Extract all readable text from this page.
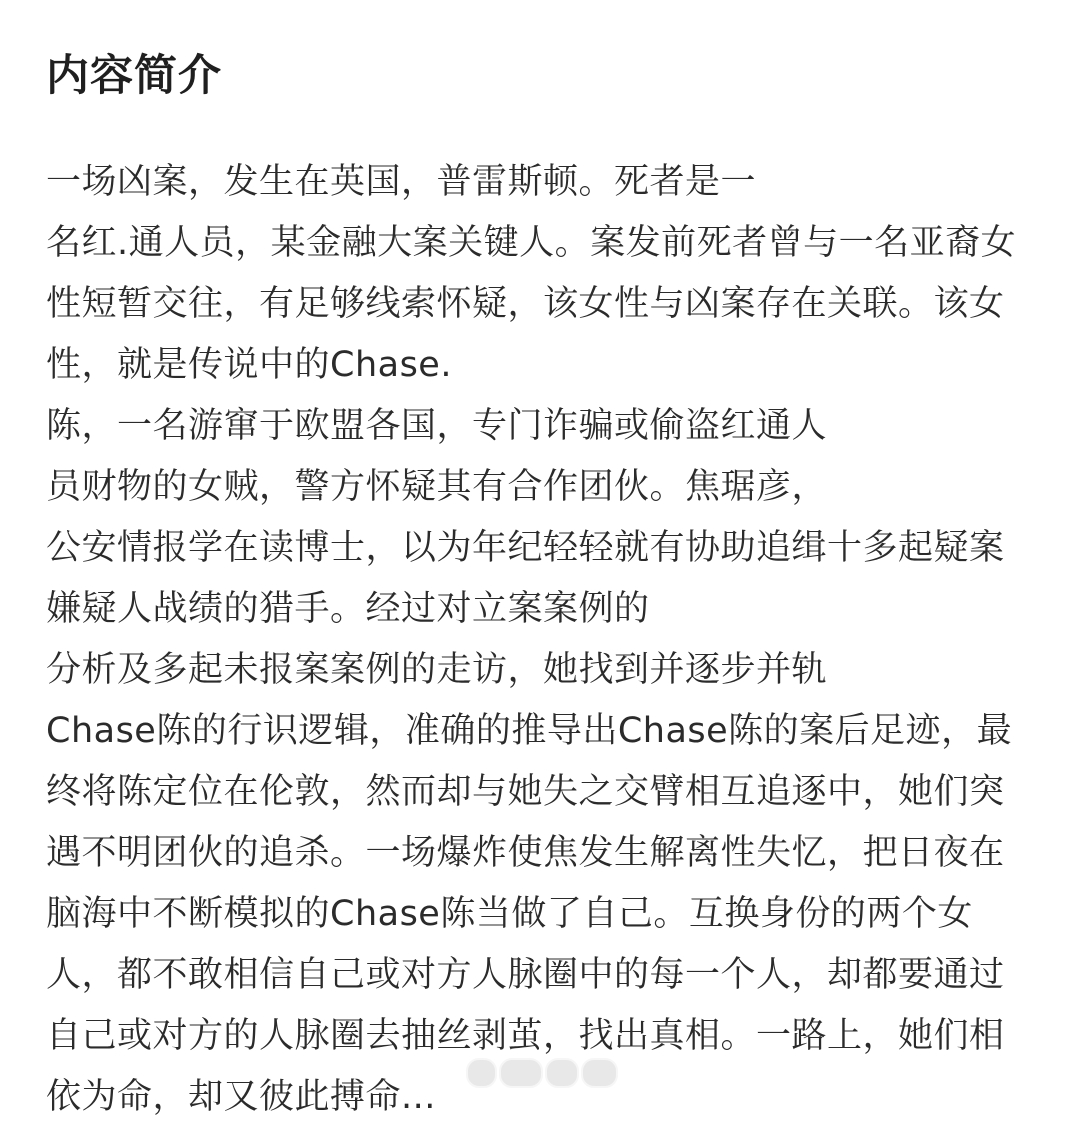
内容简介
一场凶案，发生在英国，普雷斯顿。死者是一
名红.通人员，某金融大案关键人。案发前死者曾与一名亚裔女
性短暂交往，有足够线索怀疑，该女性与凶案存在关联。该女
性，就是传说中的Chase.
陈，一名游窜于欧盟各国，专门诈骗或偷盗红通人
员财物的女贼，警方怀疑其有合作团伙。焦琚彦，
公安情报学在读博士，以为年纪轻轻就有协助追缉十多起疑案
嫌疑人战绩的猎手。经过对立案案例的
分析及多起未报案案例的走访，她找到并逐步并轨
Chase陈的行识逻辑，准确的推导出Chase陈的案后足迹，最
终将陈定位在伦敦，然而却与她失之交臂相互追逐中，她们突
遇不明团伙的追杀。一场爆炸使焦发生解离性失忆，把日夜在
脑海中不断模拟的Chase陈当做了自己。互换身份的两个女
人，都不敢相信自己或对方人脉圈中的每一个人，却都要通过
自己或对方的人脉圈去抽丝剥茧，找出真相。一路上，她们相
依为命，却又彼此搏命...
